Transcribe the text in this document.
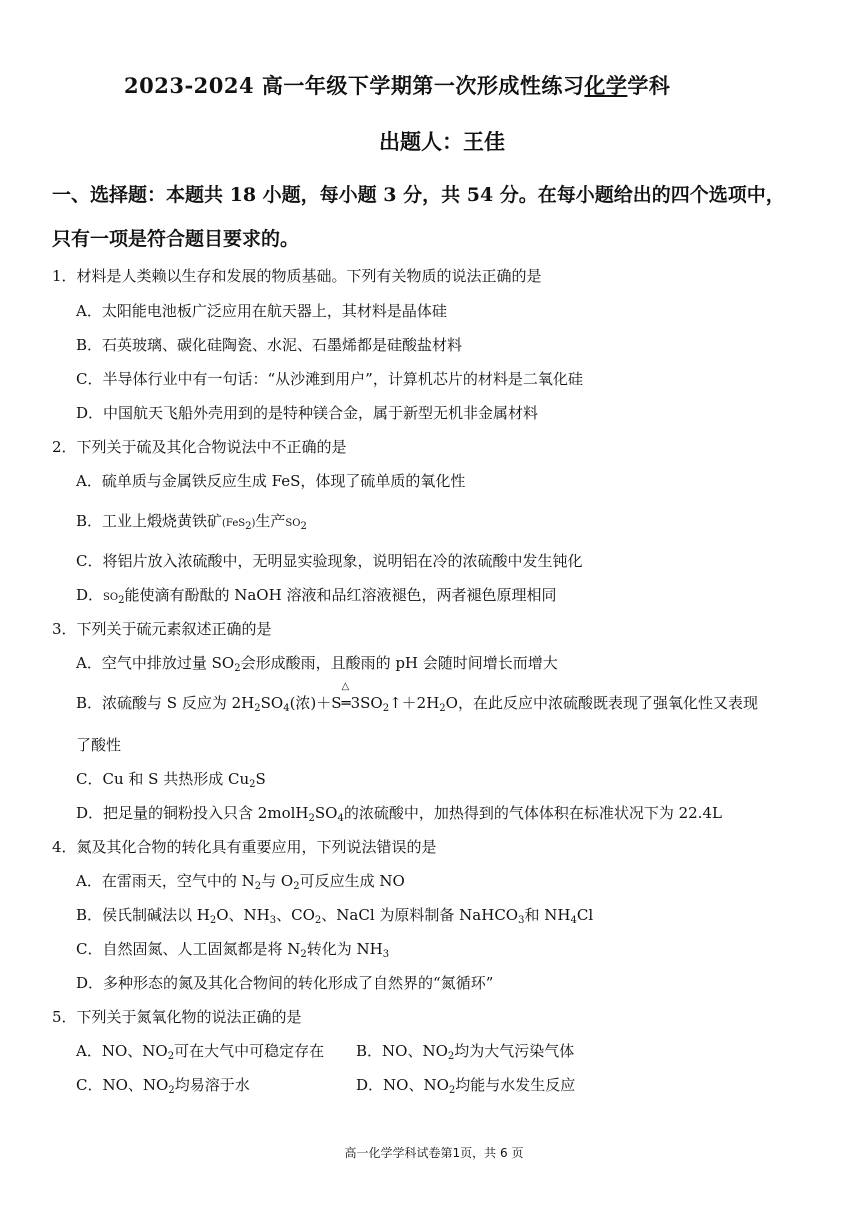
2023-2024 高一年级下学期第一次形成性练习化学学科
出题人：王佳
一、选择题：本题共 18 小题，每小题 3 分，共 54 分。在每小题给出的四个选项中，
只有一项是符合题目要求的。
1．材料是人类赖以生存和发展的物质基础。下列有关物质的说法正确的是
A．太阳能电池板广泛应用在航天器上，其材料是晶体硅
B．石英玻璃、碳化硅陶瓷、水泥、石墨烯都是硅酸盐材料
C．半导体行业中有一句话：“从沙滩到用户”，计算机芯片的材料是二氧化硅
D．中国航天飞船外壳用到的是特种镁合金，属于新型无机非金属材料
2．下列关于硫及其化合物说法中不正确的是
A．硫单质与金属铁反应生成 FeS，体现了硫单质的氧化性
B．工业上煅烧黄铁矿(FeS$_2$)生产$SO_2$
C．将铝片放入浓硫酸中，无明显实验现象，说明铝在冷的浓硫酸中发生钝化
D．$SO_2$能使滴有酚酞的 NaOH 溶液和品红溶液褪色，两者褪色原理相同
3．下列关于硫元素叙述正确的是
A．空气中排放过量 $SO_2$会形成酸雨，且酸雨的 pH 会随时间增长而增大
B．浓硫酸与 S 反应为 $2H_2SO_4$(浓)＋S
△
$═3SO_2↑+2H_2O$，在此反应中浓硫酸既表现了强氧化性又表现
了酸性
C．Cu 和 S 共热形成 $Cu_2S$
D．把足量的铜粉投入只含 $2molH_2SO_4$的浓硫酸中，加热得到的气体体积在标准状况下为 22.4L
4．氮及其化合物的转化具有重要应用，下列说法错误的是
A．在雷雨天，空气中的 $N_2$与 $O_2$可反应生成 NO
B．侯氏制碱法以 $H_2O$、$NH_3$、$CO_2$、NaCl 为原料制备 NaHCO$_3$和 $NH_4Cl$
C．自然固氮、人工固氮都是将 $N_2$转化为 $NH_3$
D．多种形态的氮及其化合物间的转化形成了自然界的“氮循环”
5．下列关于氮氧化物的说法正确的是
A．NO、$NO_2$可在大气中可稳定存在 B．NO、$NO_2$均为大气污染气体
C．NO、$NO_2$均易溶于水	D．NO、$NO_2$均能与水发生反应
高一化学学科试卷第1页，共 6 页
